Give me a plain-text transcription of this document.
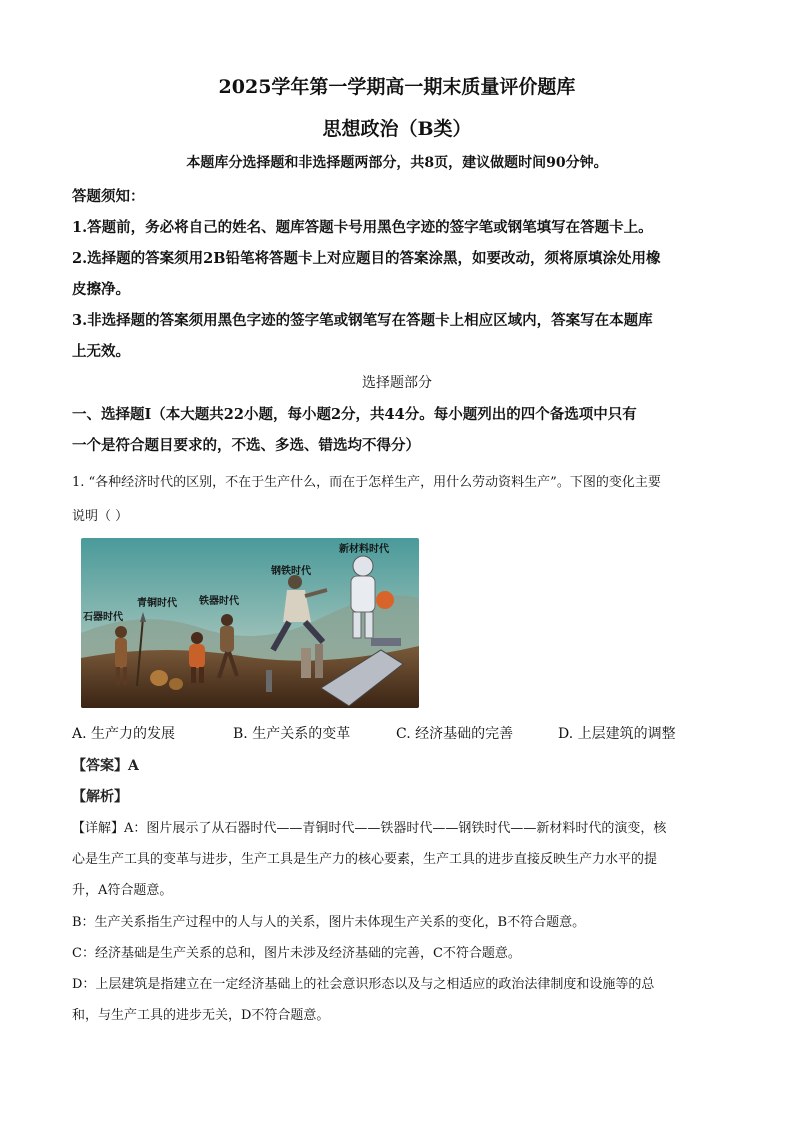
2025学年第一学期高一期末质量评价题库
思想政治（B类）
本题库分选择题和非选择题两部分，共8页，建议做题时间90分钟。
答题须知：
1.答题前，务必将自己的姓名、题库答题卡号用黑色字迹的签字笔或钢笔填写在答题卡上。
2.选择题的答案须用2B铅笔将答题卡上对应题目的答案涂黑，如要改动，须将原填涂处用橡
皮擦净。
3.非选择题的答案须用黑色字迹的签字笔或钢笔写在答题卡上相应区域内，答案写在本题库
上无效。
选择题部分
一、选择题Ⅰ（本大题共22小题，每小题2分，共44分。每小题列出的四个备选项中只有
一个是符合题目要求的，不选、多选、错选均不得分）
1. “各种经济时代的区别，不在于生产什么，而在于怎样生产，用什么劳动资料生产”。下图的变化主要
说明（ ）
石器时代
青铜时代 铁器时代
钢铁时代
新材料时代
A. 生产力的发展	B. 生产关系的变革	C. 经济基础的完善	D. 上层建筑的调整
【答案】A
【解析】
【详解】A：图片展示了从石器时代——青铜时代——铁器时代——钢铁时代——新材料时代的演变，核
心是生产工具的变革与进步，生产工具是生产力的核心要素，生产工具的进步直接反映生产力水平的提
升，A符合题意。
B：生产关系指生产过程中的人与人的关系，图片未体现生产关系的变化，B不符合题意。
C：经济基础是生产关系的总和，图片未涉及经济基础的完善，C不符合题意。
D：上层建筑是指建立在一定经济基础上的社会意识形态以及与之相适应的政治法律制度和设施等的总
和，与生产工具的进步无关，D不符合题意。
